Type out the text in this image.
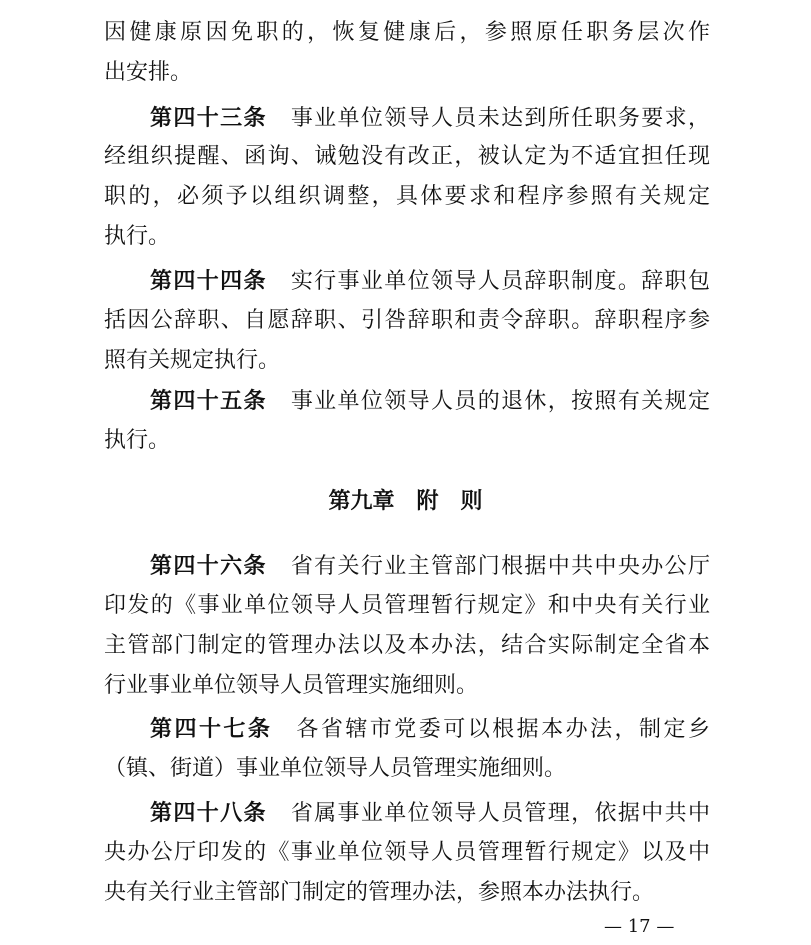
因健康原因免职的，恢复健康后，参照原任职务层次作
出安排。
第四十三条 事业单位领导人员未达到所任职务要求，
经组织提醒、函询、诫勉没有改正，被认定为不适宜担任现
职的，必须予以组织调整，具体要求和程序参照有关规定
执行。
第四十四条 实行事业单位领导人员辞职制度。辞职包
括因公辞职、自愿辞职、引咎辞职和责令辞职。辞职程序参
照有关规定执行。
第四十五条 事业单位领导人员的退休，按照有关规定
执行。
第九章　附　则
第四十六条 省有关行业主管部门根据中共中央办公厅
印发的《事业单位领导人员管理暂行规定》和中央有关行业
主管部门制定的管理办法以及本办法，结合实际制定全省本
行业事业单位领导人员管理实施细则。
第四十七条 各省辖市党委可以根据本办法，制定乡
（镇、街道）事业单位领导人员管理实施细则。
第四十八条 省属事业单位领导人员管理，依据中共中
央办公厅印发的《事业单位领导人员管理暂行规定》以及中
央有关行业主管部门制定的管理办法，参照本办法执行。
— 17 —
